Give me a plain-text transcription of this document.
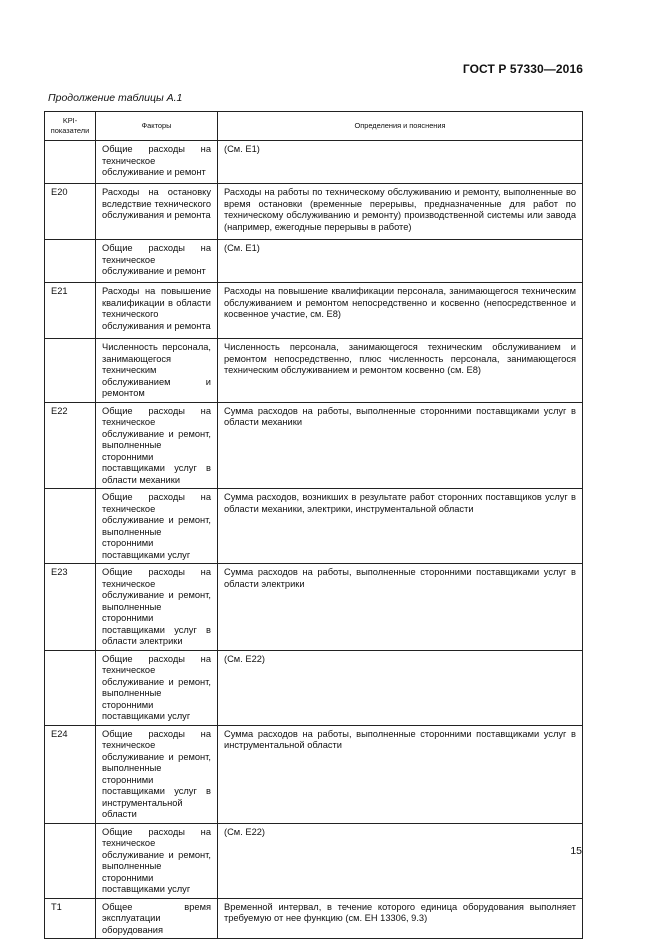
ГОСТ Р 57330—2016
Продолжение таблицы А.1
KPI-показатели	Факторы	Определения и пояснения
	Общие расходы на техническое обслуживание и ремонт	(См. E1)
E20	Расходы на остановку вследствие технического обслуживания и ремонта	Расходы на работы по техническому обслуживанию и ремонту, выполненные во время остановки (временные перерывы, предназначенные для работ по техническому обслуживанию и ремонту) производственной системы или завода (например, ежегодные перерывы в работе)
	Общие расходы на техническое обслуживание и ремонт	(См. E1)
E21	Расходы на повышение квалификации в области технического обслуживания и ремонта	Расходы на повышение квалификации персонала, занимающегося техническим обслуживанием и ремонтом непосредственно и косвенно (непосредственное и косвенное участие, см. E8)
	Численность персонала, занимающегося техническим обслуживанием и ремонтом	Численность персонала, занимающегося техническим обслуживанием и ремонтом непосредственно, плюс численность персонала, занимающегося техническим обслуживанием и ремонтом косвенно (см. E8)
E22	Общие расходы на техническое обслуживание и ремонт, выполненные сторонними поставщиками услуг в области механики	Сумма расходов на работы, выполненные сторонними поставщиками услуг в области механики
	Общие расходы на техническое обслуживание и ремонт, выполненные сторонними поставщиками услуг	Сумма расходов, возникших в результате работ сторонних поставщиков услуг в области механики, электрики, инструментальной области
E23	Общие расходы на техническое обслуживание и ремонт, выполненные сторонними поставщиками услуг в области электрики	Сумма расходов на работы, выполненные сторонними поставщиками услуг в области электрики
	Общие расходы на техническое обслуживание и ремонт, выполненные сторонними поставщиками услуг	(См. E22)
E24	Общие расходы на техническое обслуживание и ремонт, выполненные сторонними поставщиками услуг в инструментальной области	Сумма расходов на работы, выполненные сторонними поставщиками услуг в инструментальной области
	Общие расходы на техническое обслуживание и ремонт, выполненные сторонними поставщиками услуг	(См. E22)
T1	Общее время эксплуатации оборудования	Временной интервал, в течение которого единица оборудования выполняет требуемую от нее функцию (см. ЕН 13306, 9.3)
15
